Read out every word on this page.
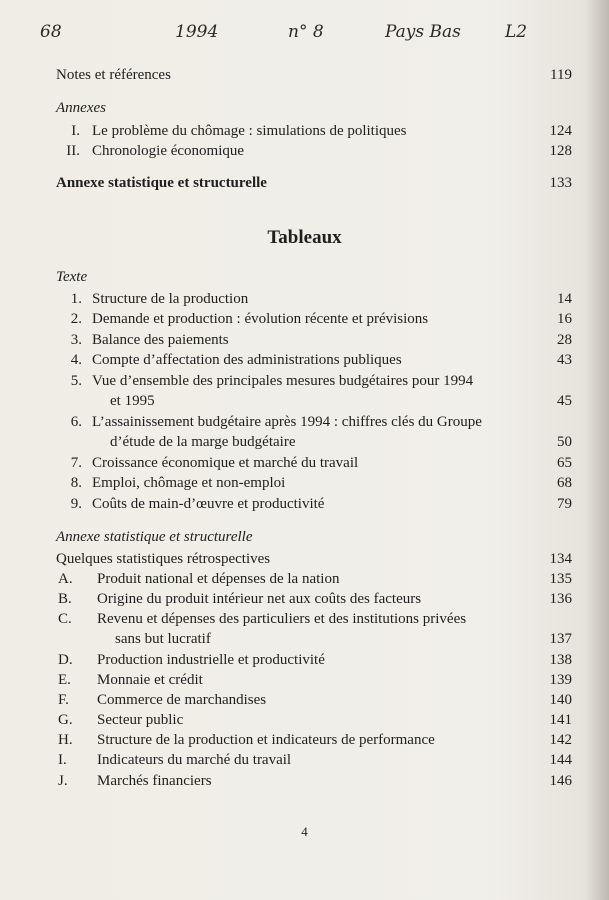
68	1994	n° 8	Pays Bas	L2
Notes et références	119
Annexes
I. Le problème du chômage : simulations de politiques	124
II. Chronologie économique	128
Annexe statistique et structurelle	133
Tableaux
Texte
1. Structure de la production	14
2. Demande et production : évolution récente et prévisions	16
3. Balance des paiements	28
4. Compte d’affectation des administrations publiques	43
5. Vue d’ensemble des principales mesures budgétaires pour 1994
et 1995	45
6. L’assainissement budgétaire après 1994 : chiffres clés du Groupe
d’étude de la marge budgétaire	50
7. Croissance économique et marché du travail	65
8. Emploi, chômage et non-emploi	68
9. Coûts de main-d’œuvre et productivité	79
Annexe statistique et structurelle
Quelques statistiques rétrospectives	134
A. Produit national et dépenses de la nation	135
B. Origine du produit intérieur net aux coûts des facteurs	136
C. Revenu et dépenses des particuliers et des institutions privées
sans but lucratif	137
D. Production industrielle et productivité	138
E. Monnaie et crédit	139
F. Commerce de marchandises	140
G. Secteur public	141
H. Structure de la production et indicateurs de performance	142
I. Indicateurs du marché du travail	144
J. Marchés financiers	146
4
